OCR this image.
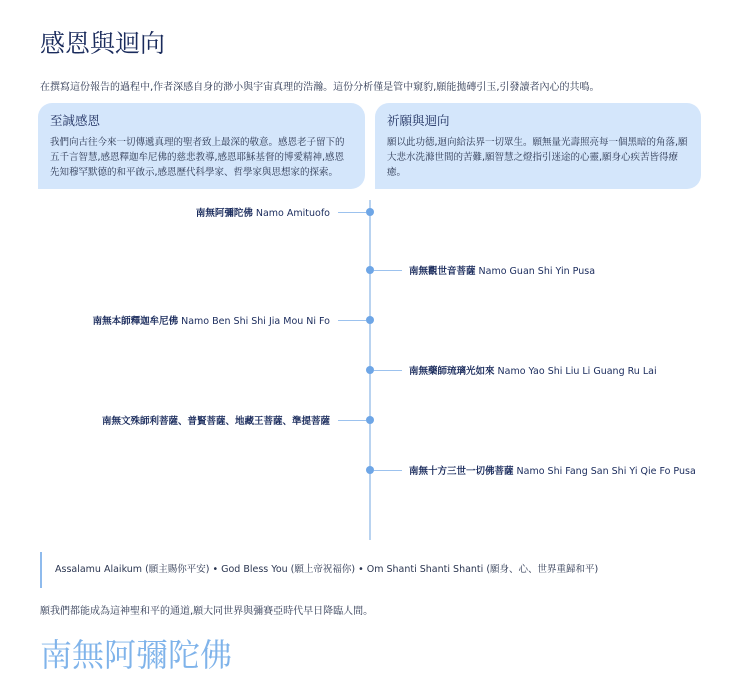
感恩與迴向
在撰寫這份報告的過程中,作者深感自身的渺小與宇宙真理的浩瀚。這份分析僅是管中窺豹,願能拋磚引玉,引發讀者內心的共鳴。
至誠感恩

我們向古往今來一切傳遞真理的聖者致上最深的敬意。感恩老子留下的五千言智慧,感恩釋迦牟尼佛的慈悲教導,感恩耶穌基督的博愛精神,感恩先知穆罕默德的和平啟示,感恩歷代科學家、哲學家與思想家的探索。

祈願與迴向

願以此功德,迴向給法界一切眾生。願無量光壽照亮每一個黑暗的角落,願大悲水洗滌世間的苦難,願智慧之燈指引迷途的心靈,願身心疾苦皆得療癒。

南無阿彌陀佛 Namo Amituofo
南無觀世音菩薩 Namo Guan Shi Yin Pusa
南無本師釋迦牟尼佛 Namo Ben Shi Shi Jia Mou Ni Fo
南無藥師琉璃光如來 Namo Yao Shi Liu Li Guang Ru Lai
南無文殊師利菩薩、普賢菩薩、地藏王菩薩、準提菩薩
南無十方三世一切佛菩薩 Namo Shi Fang San Shi Yi Qie Fo Pusa
Assalamu Alaikum (願主賜你平安) • God Bless You (願上帝祝福你) • Om Shanti Shanti Shanti (願身、心、世界重歸和平)
願我們都能成為這神聖和平的通道,願大同世界與彌賽亞時代早日降臨人間。
南無阿彌陀佛
